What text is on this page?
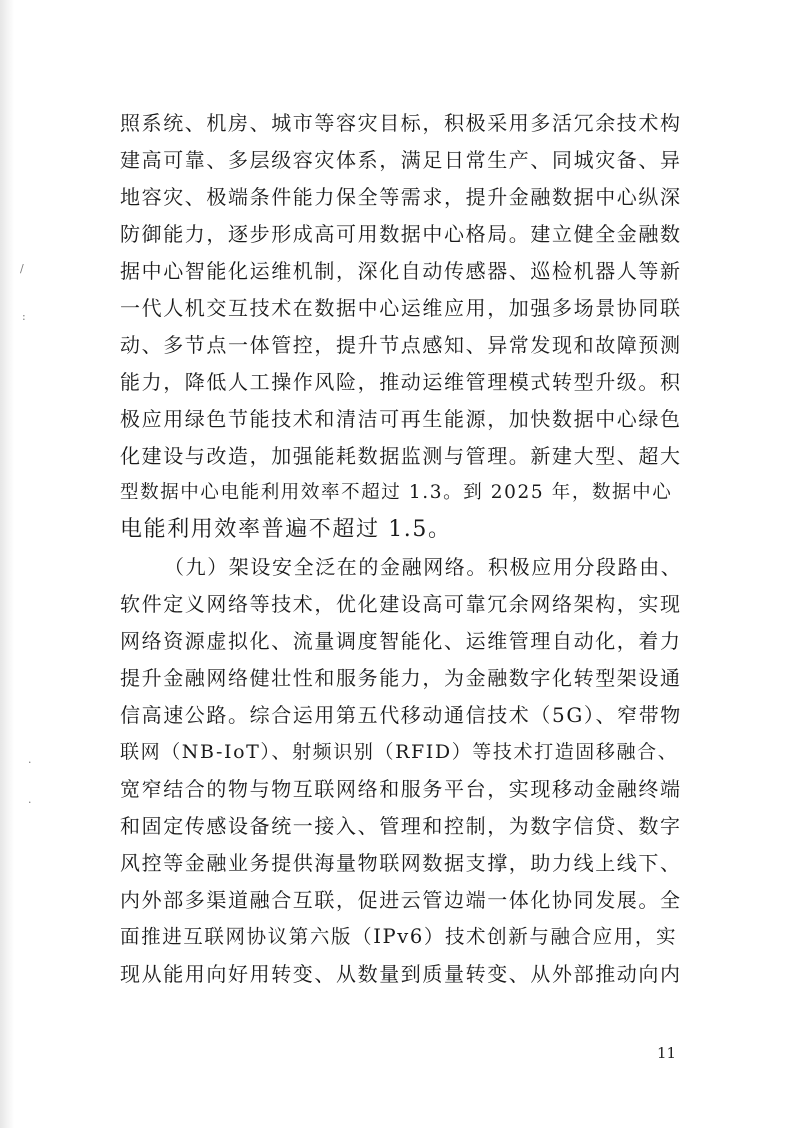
/
:
·
·
照系统、机房、城市等容灾目标，积极采用多活冗余技术构
建高可靠、多层级容灾体系，满足日常生产、同城灾备、异
地容灾、极端条件能力保全等需求，提升金融数据中心纵深
防御能力，逐步形成高可用数据中心格局。建立健全金融数
据中心智能化运维机制，深化自动传感器、巡检机器人等新
一代人机交互技术在数据中心运维应用，加强多场景协同联
动、多节点一体管控，提升节点感知、异常发现和故障预测
能力，降低人工操作风险，推动运维管理模式转型升级。积
极应用绿色节能技术和清洁可再生能源，加快数据中心绿色
化建设与改造，加强能耗数据监测与管理。新建大型、超大
型数据中心电能利用效率不超过 1.3。到 2025 年，数据中心
电能利用效率普遍不超过 1.5。
（九）架设安全泛在的金融网络。积极应用分段路由、
软件定义网络等技术，优化建设高可靠冗余网络架构，实现
网络资源虚拟化、流量调度智能化、运维管理自动化，着力
提升金融网络健壮性和服务能力，为金融数字化转型架设通
信高速公路。综合运用第五代移动通信技术（5G）、窄带物
联网（NB-IoT）、射频识别（RFID）等技术打造固移融合、
宽窄结合的物与物互联网络和服务平台，实现移动金融终端
和固定传感设备统一接入、管理和控制，为数字信贷、数字
风控等金融业务提供海量物联网数据支撑，助力线上线下、
内外部多渠道融合互联，促进云管边端一体化协同发展。全
面推进互联网协议第六版（IPv6）技术创新与融合应用，实
现从能用向好用转变、从数量到质量转变、从外部推动向内
11
